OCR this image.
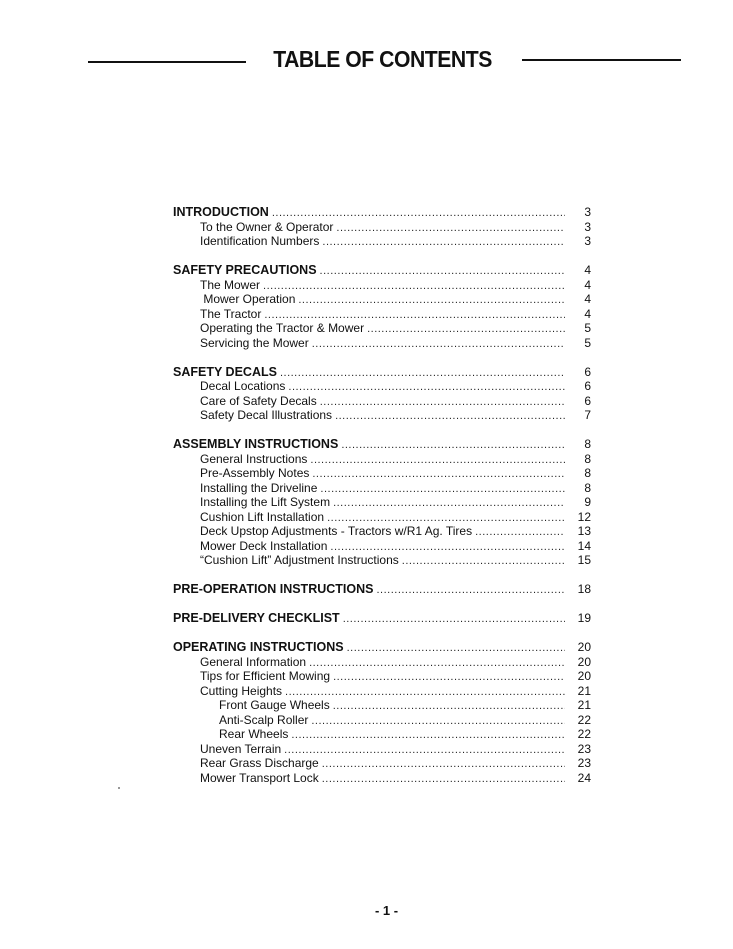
TABLE OF CONTENTS
INTRODUCTION .....	3
To the Owner & Operator .....	3
Identification Numbers .....	3
SAFETY PRECAUTIONS .....	4
The Mower .....	4
Mower Operation .....	4
The Tractor .....	4
Operating the Tractor & Mower .....	5
Servicing the Mower .....	5
SAFETY DECALS .....	6
Decal Locations .....	6
Care of Safety Decals .....	6
Safety Decal Illustrations .....	7
ASSEMBLY INSTRUCTIONS .....	8
General Instructions .....	8
Pre-Assembly Notes .....	8
Installing the Driveline .....	8
Installing the Lift System .....	9
Cushion Lift Installation .....	12
Deck Upstop Adjustments - Tractors w/R1 Ag. Tires .....	13
Mower Deck Installation .....	14
“Cushion Lift” Adjustment Instructions .....	15
PRE-OPERATION INSTRUCTIONS .....	18
PRE-DELIVERY CHECKLIST .....	19
OPERATING INSTRUCTIONS .....	20
General Information .....	20
Tips for Efficient Mowing .....	20
Cutting Heights .....	21
Front Gauge Wheels .....	21
Anti-Scalp Roller .....	22
Rear Wheels .....	22
Uneven Terrain .....	23
Rear Grass Discharge .....	23
Mower Transport Lock .....	24
- 1 -
